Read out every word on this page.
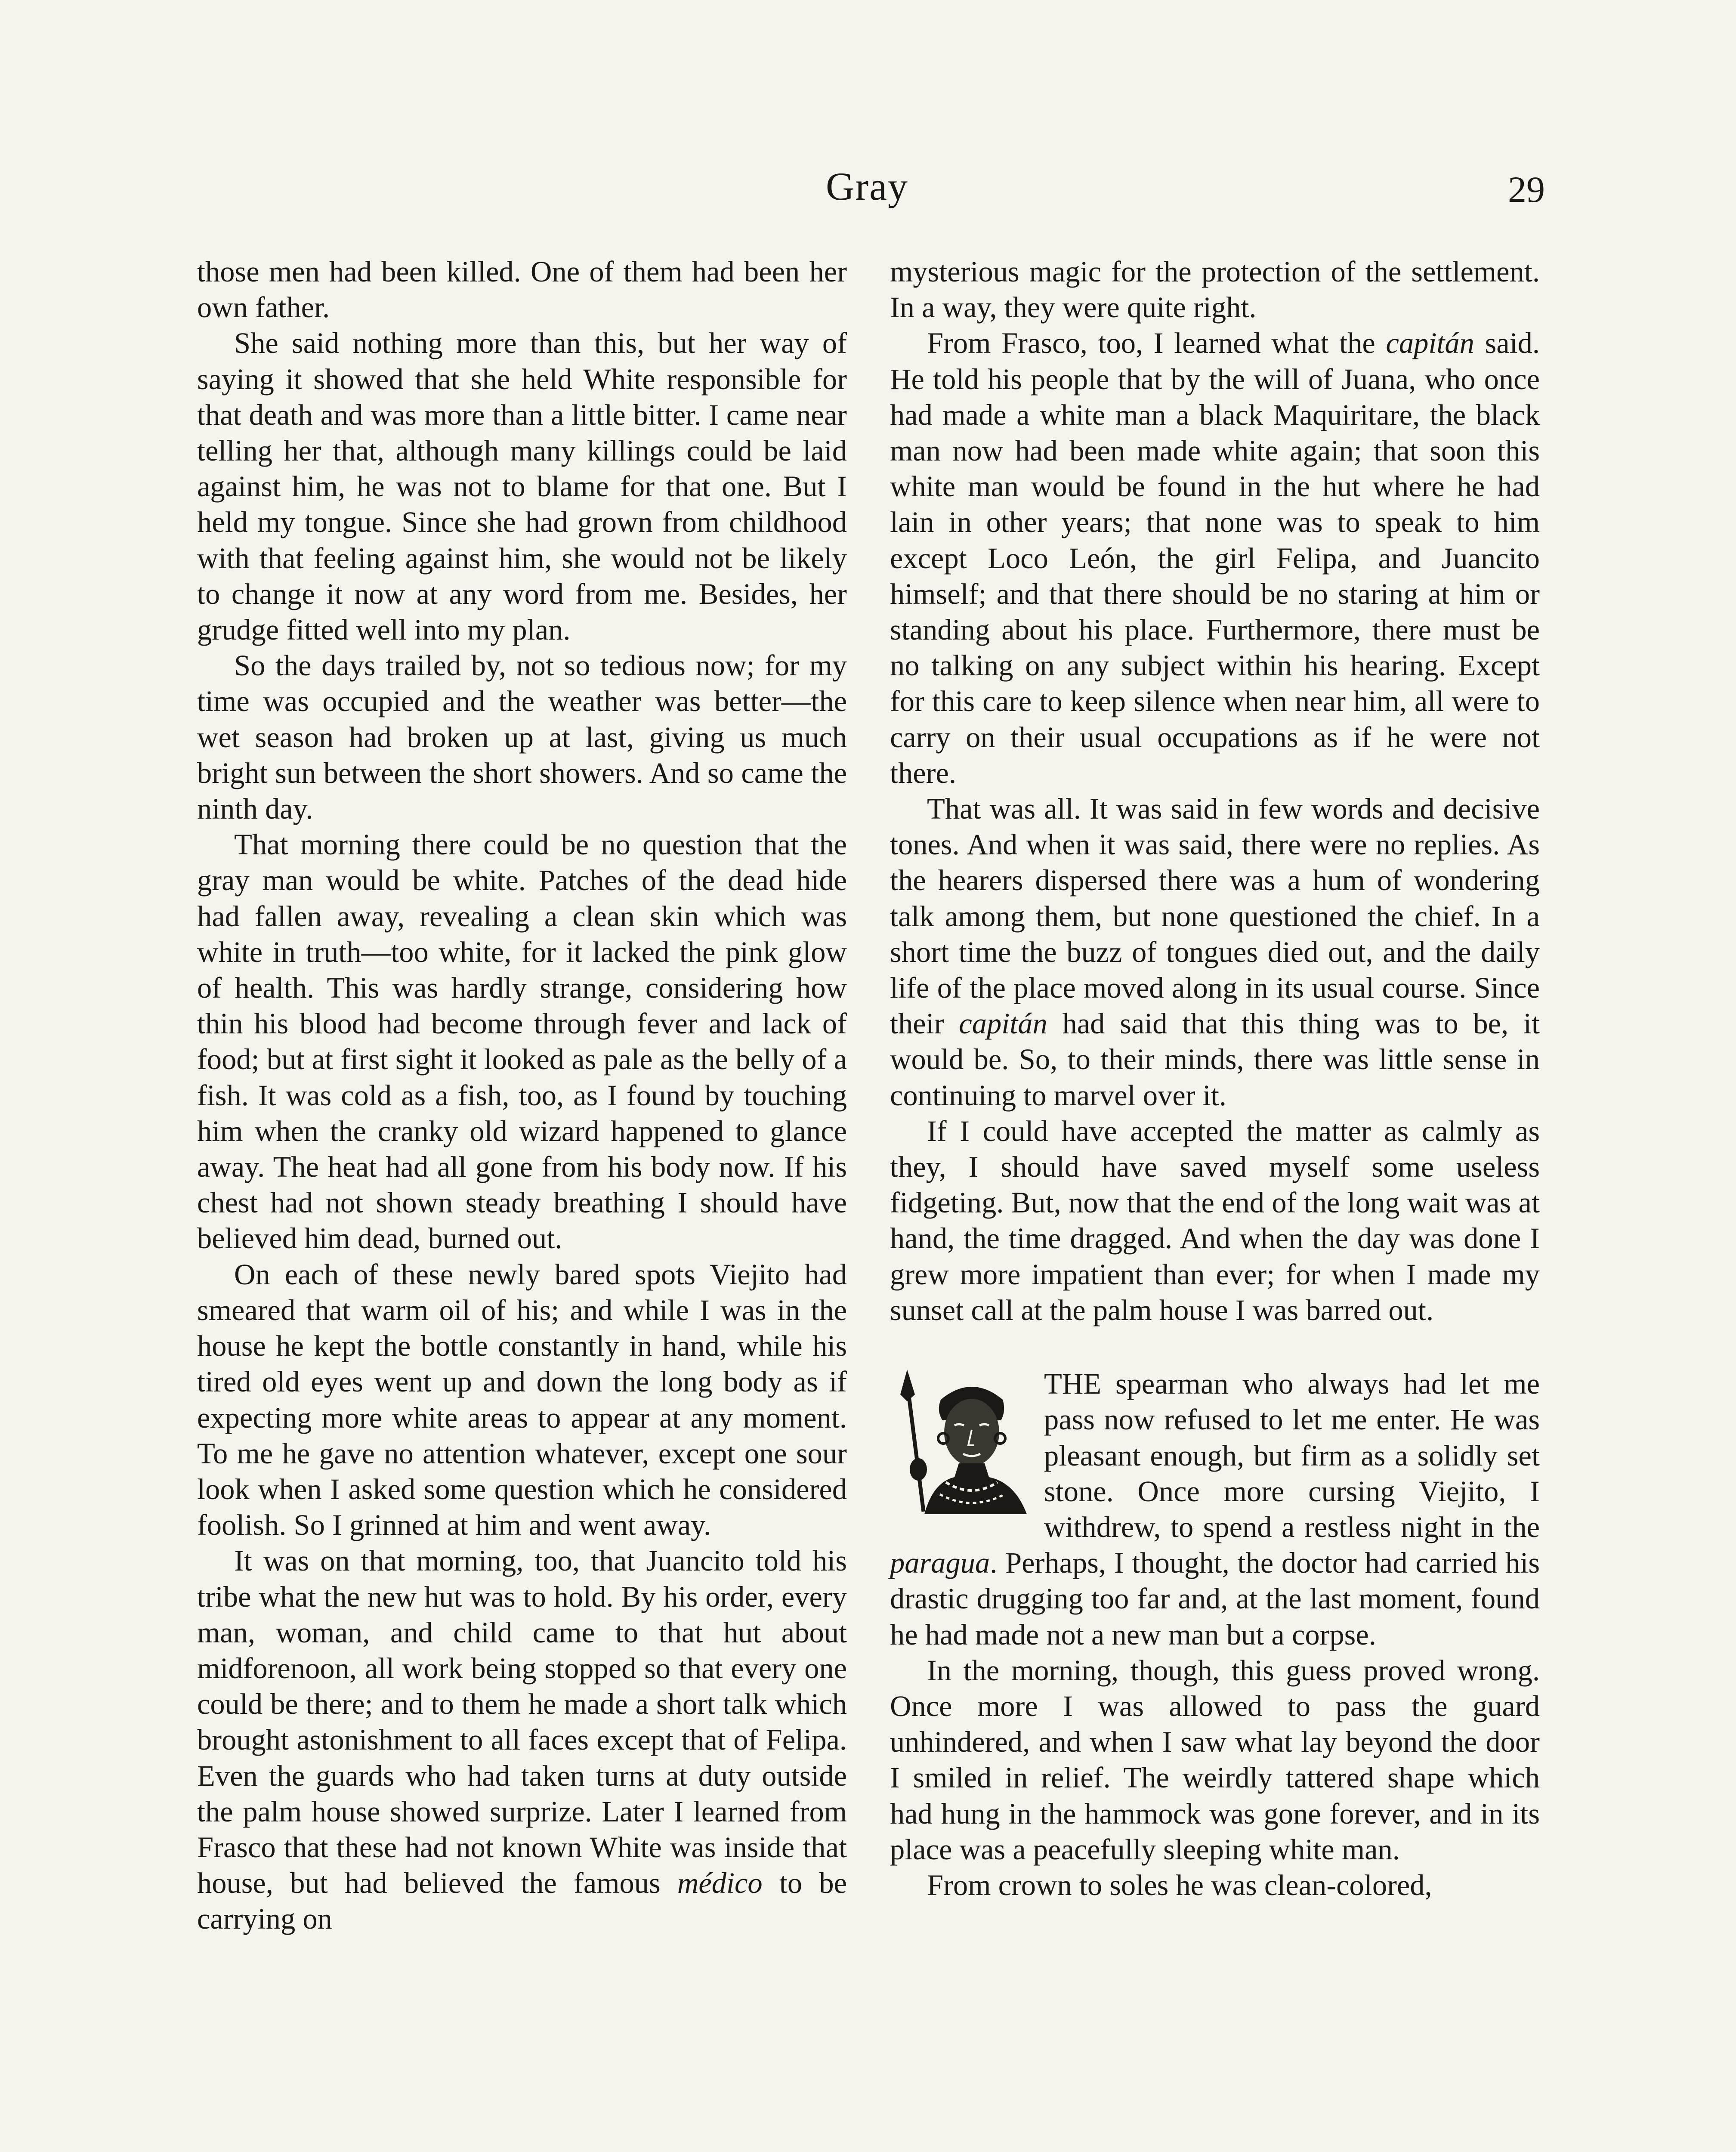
Gray	29

those men had been killed. One of them had been her own father.

She said nothing more than this, but her way of saying it showed that she held White responsible for that death and was more than a little bitter. I came near telling her that, although many killings could be laid against him, he was not to blame for that one. But I held my tongue. Since she had grown from childhood with that feeling against him, she would not be likely to change it now at any word from me. Besides, her grudge fitted well into my plan.

So the days trailed by, not so tedious now; for my time was occupied and the weather was better—the wet season had broken up at last, giving us much bright sun between the short showers. And so came the ninth day.

That morning there could be no question that the gray man would be white. Patches of the dead hide had fallen away, revealing a clean skin which was white in truth—too white, for it lacked the pink glow of health. This was hardly strange, considering how thin his blood had become through fever and lack of food; but at first sight it looked as pale as the belly of a fish. It was cold as a fish, too, as I found by touching him when the cranky old wizard happened to glance away. The heat had all gone from his body now. If his chest had not shown steady breathing I should have believed him dead, burned out.

On each of these newly bared spots Viejito had smeared that warm oil of his; and while I was in the house he kept the bottle constantly in hand, while his tired old eyes went up and down the long body as if expecting more white areas to appear at any moment. To me he gave no attention whatever, except one sour look when I asked some question which he considered foolish. So I grinned at him and went away.

It was on that morning, too, that Juancito told his tribe what the new hut was to hold. By his order, every man, woman, and child came to that hut about midforenoon, all work being stopped so that every one could be there; and to them he made a short talk which brought astonishment to all faces except that of Felipa. Even the guards who had taken turns at duty outside the palm house showed surprize. Later I learned from Frasco that these had not known White was inside that house, but had believed the famous médico to be carrying on

mysterious magic for the protection of the settlement. In a way, they were quite right.

From Frasco, too, I learned what the capitán said. He told his people that by the will of Juana, who once had made a white man a black Maquiritare, the black man now had been made white again; that soon this white man would be found in the hut where he had lain in other years; that none was to speak to him except Loco León, the girl Felipa, and Juancito himself; and that there should be no staring at him or standing about his place. Furthermore, there must be no talking on any subject within his hearing. Except for this care to keep silence when near him, all were to carry on their usual occupations as if he were not there.

That was all. It was said in few words and decisive tones. And when it was said, there were no replies. As the hearers dispersed there was a hum of wondering talk among them, but none questioned the chief. In a short time the buzz of tongues died out, and the daily life of the place moved along in its usual course. Since their capitán had said that this thing was to be, it would be. So, to their minds, there was little sense in continuing to marvel over it.

If I could have accepted the matter as calmly as they, I should have saved myself some useless fidgeting. But, now that the end of the long wait was at hand, the time dragged. And when the day was done I grew more impatient than ever; for when I made my sunset call at the palm house I was barred out.

THE spearman who always had let me pass now refused to let me enter. He was pleasant enough, but firm as a solidly set stone. Once more cursing Viejito, I withdrew, to spend a restless night in the paragua. Perhaps, I thought, the doctor had carried his drastic drugging too far and, at the last moment, found he had made not a new man but a corpse.

In the morning, though, this guess proved wrong. Once more I was allowed to pass the guard unhindered, and when I saw what lay beyond the door I smiled in relief. The weirdly tattered shape which had hung in the hammock was gone forever, and in its place was a peacefully sleeping white man.

From crown to soles he was clean-colored,
